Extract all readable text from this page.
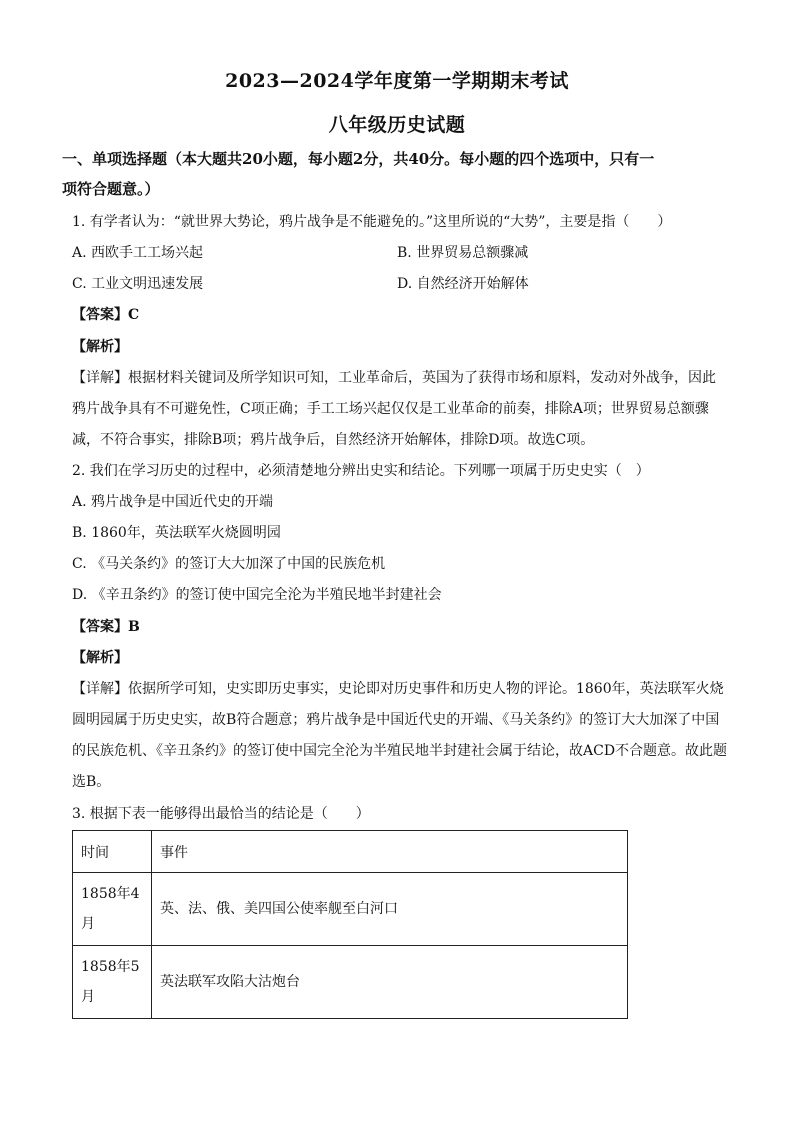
2023—2024学年度第一学期期末考试
八年级历史试题
一、单项选择题（本大题共20小题，每小题2分，共40分。每小题的四个选项中，只有一
项符合题意。）
1. 有学者认为：“就世界大势论，鸦片战争是不能避免的。”这里所说的“大势”，主要是指（　　）
A. 西欧手工工场兴起	B. 世界贸易总额骤减
C. 工业文明迅速发展	D. 自然经济开始解体
【答案】C
【解析】
【详解】根据材料关键词及所学知识可知，工业革命后，英国为了获得市场和原料，发动对外战争，因此
鸦片战争具有不可避免性，C项正确；手工工场兴起仅仅是工业革命的前奏，排除A项；世界贸易总额骤
减，不符合事实，排除B项；鸦片战争后，自然经济开始解体，排除D项。故选C项。
2. 我们在学习历史的过程中，必须清楚地分辨出史实和结论。下列哪一项属于历史史实（　）
A. 鸦片战争是中国近代史的开端
B. 1860年，英法联军火烧圆明园
C. 《马关条约》的签订大大加深了中国的民族危机
D. 《辛丑条约》的签订使中国完全沦为半殖民地半封建社会
【答案】B
【解析】
【详解】依据所学可知，史实即历史事实，史论即对历史事件和历史人物的评论。1860年，英法联军火烧
圆明园属于历史史实，故B符合题意；鸦片战争是中国近代史的开端、《马关条约》的签订大大加深了中国
的民族危机、《辛丑条约》的签订使中国完全沦为半殖民地半封建社会属于结论，故ACD不合题意。故此题
选B。
3. 根据下表一能够得出最恰当的结论是（　　）
时间	事件

1858年4
月	英、法、俄、美四国公使率舰至白河口

1858年5
月	英法联军攻陷大沽炮台
